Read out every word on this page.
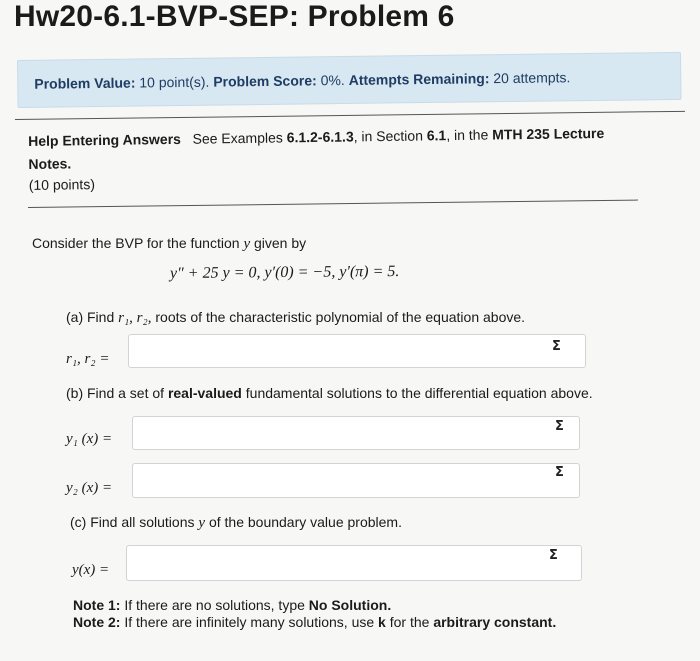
Hw20-6.1-BVP-SEP: Problem 6
Problem Value: 10 point(s). Problem Score: 0%. Attempts Remaining: 20 attempts.
Help Entering Answers See Examples 6.1.2-6.1.3, in Section 6.1, in the MTH 235 Lecture
Notes.
(10 points)
Consider the BVP for the function y given by
y″ + 25 y = 0, y′(0) = −5, y′(π) = 5.
(a) Find r₁, r₂, roots of the characteristic polynomial of the equation above.
r₁, r₂ =
Σ
(b) Find a set of real-valued fundamental solutions to the differential equation above.
y₁ (x) =
Σ
y₂ (x) =
Σ
(c) Find all solutions y of the boundary value problem.
y(x) =
Σ
Note 1: If there are no solutions, type No Solution.
Note 2: If there are infinitely many solutions, use k for the arbitrary constant.
